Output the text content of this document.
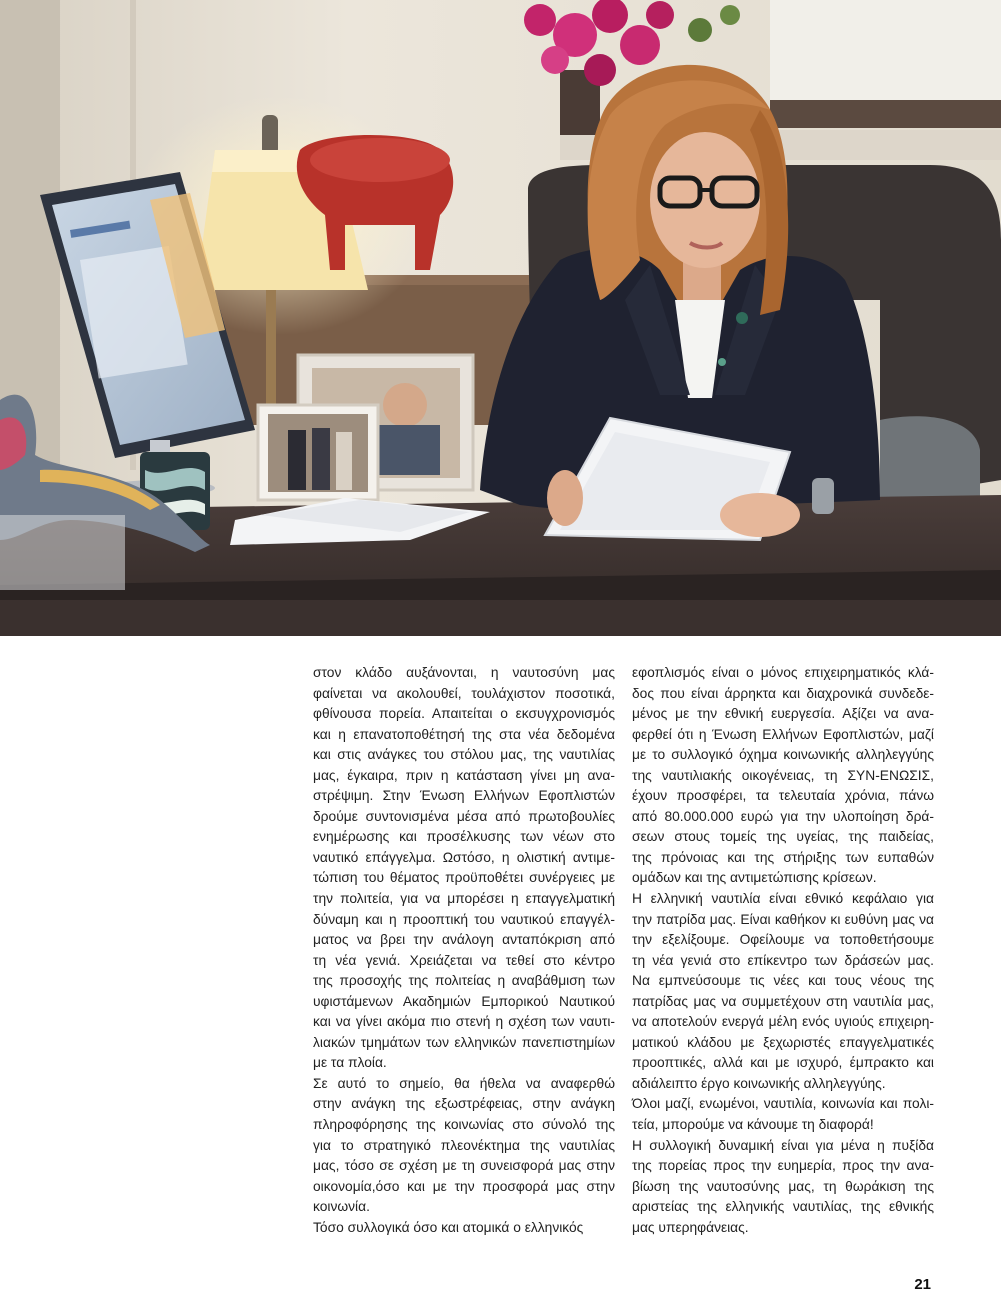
στον κλάδο αυξάνονται, η ναυτοσύνη μας
φαίνεται να ακολουθεί, τουλάχιστον ποσοτικά,
φθίνουσα πορεία. Απαιτείται ο εκσυγχρονισμός
και η επανατοποθέτησή της στα νέα δεδομένα
και στις ανάγκες του στόλου μας, της ναυτιλίας
μας, έγκαιρα, πριν η κατάσταση γίνει μη ανα-
στρέψιμη. Στην Ένωση Ελλήνων Εφοπλιστών
δρούμε συντονισμένα μέσα από πρωτοβουλίες
ενημέρωσης και προσέλκυσης των νέων στο
ναυτικό επάγγελμα. Ωστόσο, η ολιστική αντιμε-
τώπιση του θέματος προϋποθέτει συνέργειες με
την πολιτεία, για να μπορέσει η επαγγελματική
δύναμη και η προοπτική του ναυτικού επαγγέλ-
ματος να βρει την ανάλογη ανταπόκριση από
τη νέα γενιά. Χρειάζεται να τεθεί στο κέντρο
της προσοχής της πολιτείας η αναβάθμιση των
υφιστάμενων Ακαδημιών Εμπορικού Ναυτικού
και να γίνει ακόμα πιο στενή η σχέση των ναυτι-
λιακών τμημάτων των ελληνικών πανεπιστημίων
με τα πλοία.
Σε αυτό το σημείο, θα ήθελα να αναφερθώ
στην ανάγκη της εξωστρέφειας, στην ανάγκη
πληροφόρησης της κοινωνίας στο σύνολό της
για το στρατηγικό πλεονέκτημα της ναυτιλίας
μας, τόσο σε σχέση με τη συνεισφορά μας στην
οικονομία,όσο και με την προσφορά μας στην
κοινωνία.
Τόσο συλλογικά όσο και ατομικά ο ελληνικός
εφοπλισμός είναι ο μόνος επιχειρηματικός κλά-
δος που είναι άρρηκτα και διαχρονικά συνδεδε-
μένος με την εθνική ευεργεσία. Αξίζει να ανα-
φερθεί ότι η Ένωση Ελλήνων Εφοπλιστών, μαζί
με το συλλογικό όχημα κοινωνικής αλληλεγγύης
της ναυτιλιακής οικογένειας, τη ΣΥΝ-ΕΝΩΣΙΣ,
έχουν προσφέρει, τα τελευταία χρόνια, πάνω
από 80.000.000 ευρώ για την υλοποίηση δρά-
σεων στους τομείς της υγείας, της παιδείας,
της πρόνοιας και της στήριξης των ευπαθών
ομάδων και της αντιμετώπισης κρίσεων.
Η ελληνική ναυτιλία είναι εθνικό κεφάλαιο για
την πατρίδα μας. Είναι καθήκον κι ευθύνη μας να
την εξελίξουμε. Οφείλουμε να τοποθετήσουμε
τη νέα γενιά στο επίκεντρο των δράσεών μας.
Να εμπνεύσουμε τις νέες και τους νέους της
πατρίδας μας να συμμετέχουν στη ναυτιλία μας,
να αποτελούν ενεργά μέλη ενός υγιούς επιχειρη-
ματικού κλάδου με ξεχωριστές επαγγελματικές
προοπτικές, αλλά και με ισχυρό, έμπρακτο και
αδιάλειπτο έργο κοινωνικής αλληλεγγύης.
Όλοι μαζί, ενωμένοι, ναυτιλία, κοινωνία και πολι-
τεία, μπορούμε να κάνουμε τη διαφορά!
Η συλλογική δυναμική είναι για μένα η πυξίδα
της πορείας προς την ευημερία, προς την ανα-
βίωση της ναυτοσύνης μας, τη θωράκιση της
αριστείας της ελληνικής ναυτιλίας, της εθνικής
μας υπερηφάνειας.
21
